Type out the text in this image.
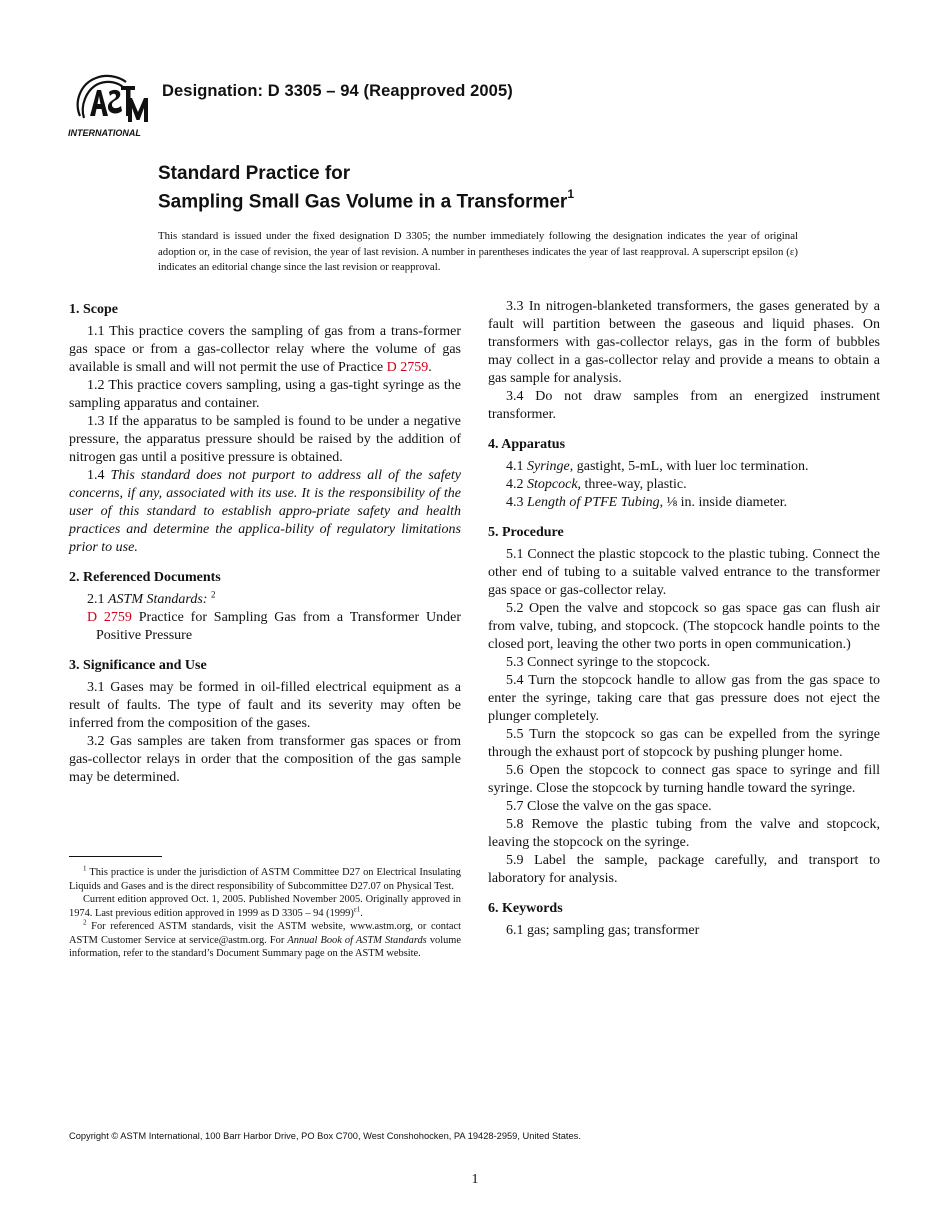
INTERNATIONAL
Designation: D 3305 – 94 (Reapproved 2005)
Standard Practice for
Sampling Small Gas Volume in a Transformer$^1$
This standard is issued under the fixed designation D 3305; the number immediately following the designation indicates the year of original adoption or, in the case of revision, the year of last revision. A number in parentheses indicates the year of last reapproval. A superscript epsilon (ε) indicates an editorial change since the last revision or reapproval.
1. Scope

1.1 This practice covers the sampling of gas from a trans-former gas space or from a gas-collector relay where the volume of gas available is small and will not permit the use of Practice D 2759.

1.2 This practice covers sampling, using a gas-tight syringe as the sampling apparatus and container.

1.3 If the apparatus to be sampled is found to be under a negative pressure, the apparatus pressure should be raised by the addition of nitrogen gas until a positive pressure is obtained.

1.4 This standard does not purport to address all of the safety concerns, if any, associated with its use. It is the responsibility of the user of this standard to establish appro-priate safety and health practices and determine the applica-bility of regulatory limitations prior to use.

2. Referenced Documents

2.1 ASTM Standards: $^2$

D 2759 Practice for Sampling Gas from a Transformer Under Positive Pressure

3. Significance and Use

3.1 Gases may be formed in oil-filled electrical equipment as a result of faults. The type of fault and its severity may often be inferred from the composition of the gases.

3.2 Gas samples are taken from transformer gas spaces or from gas-collector relays in order that the composition of the gas sample may be determined.

3.3 In nitrogen-blanketed transformers, the gases generated by a fault will partition between the gaseous and liquid phases. On transformers with gas-collector relays, gas in the form of bubbles may collect in a gas-collector relay and provide a means to obtain a gas sample for analysis.

3.4 Do not draw samples from an energized instrument transformer.

4. Apparatus

4.1 Syringe, gastight, 5-mL, with luer loc termination.

4.2 Stopcock, three-way, plastic.

4.3 Length of PTFE Tubing, ⅛ in. inside diameter.

5. Procedure

5.1 Connect the plastic stopcock to the plastic tubing. Connect the other end of tubing to a suitable valved entrance to the transformer gas space or gas-collector relay.

5.2 Open the valve and stopcock so gas space gas can flush air from valve, tubing, and stopcock. (The stopcock handle points to the closed port, leaving the other two ports in open communication.)

5.3 Connect syringe to the stopcock.

5.4 Turn the stopcock handle to allow gas from the gas space to enter the syringe, taking care that gas pressure does not eject the plunger completely.

5.5 Turn the stopcock so gas can be expelled from the syringe through the exhaust port of stopcock by pushing plunger home.

5.6 Open the stopcock to connect gas space to syringe and fill syringe. Close the stopcock by turning handle toward the syringe.

5.7 Close the valve on the gas space.

5.8 Remove the plastic tubing from the valve and stopcock, leaving the stopcock on the syringe.

5.9 Label the sample, package carefully, and transport to laboratory for analysis.

6. Keywords

6.1 gas; sampling gas; transformer

$^1$ This practice is under the jurisdiction of ASTM Committee D27 on Electrical Insulating Liquids and Gases and is the direct responsibility of Subcommittee D27.07 on Physical Test.

Current edition approved Oct. 1, 2005. Published November 2005. Originally approved in 1974. Last previous edition approved in 1999 as D 3305 – 94 (1999)$^{\varepsilon 1}$.

$^2$ For referenced ASTM standards, visit the ASTM website, www.astm.org, or contact ASTM Customer Service at service@astm.org. For Annual Book of ASTM Standards volume information, refer to the standard’s Document Summary page on the ASTM website.

Copyright © ASTM International, 100 Barr Harbor Drive, PO Box C700, West Conshohocken, PA 19428-2959, United States.
1
